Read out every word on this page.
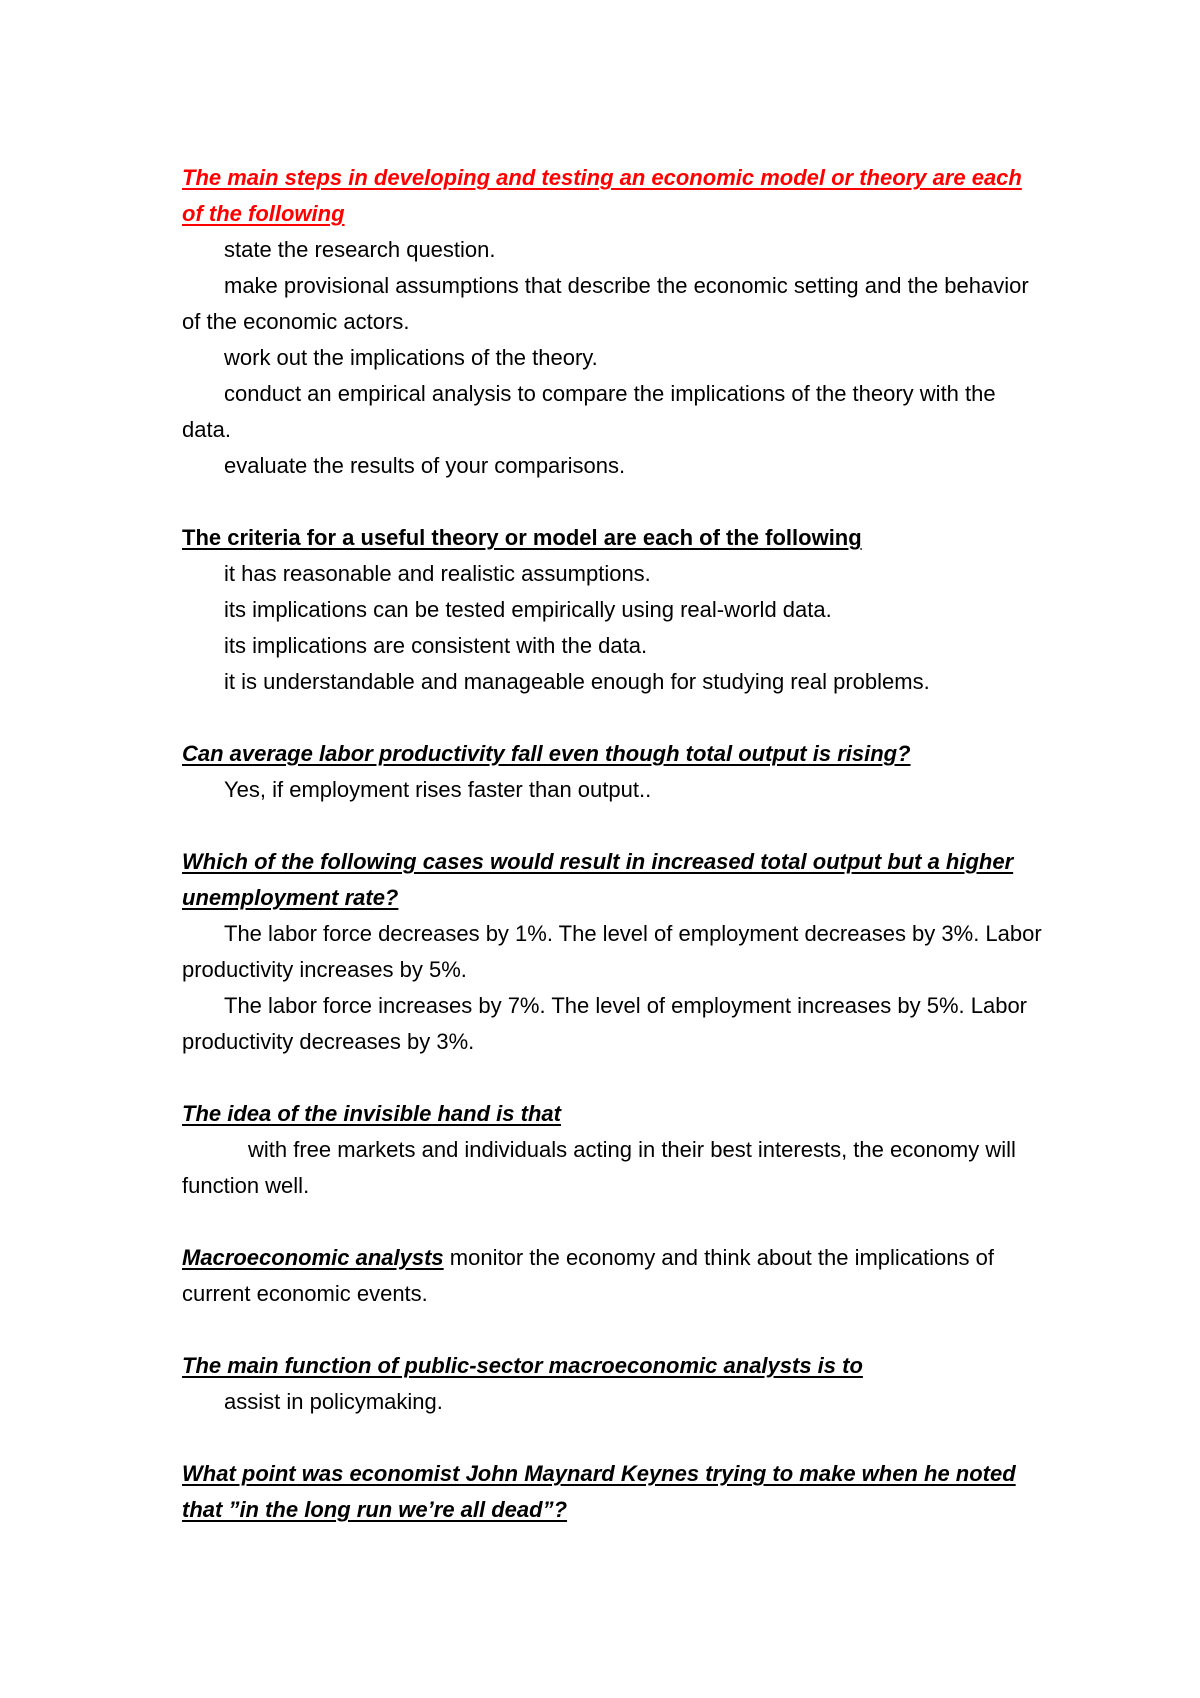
The main steps in developing and testing an economic model or theory are each of the following
state the research question.
make provisional assumptions that describe the economic setting and the behavior of the economic actors.
work out the implications of the theory.
conduct an empirical analysis to compare the implications of the theory with the data.
evaluate the results of your comparisons.
The criteria for a useful theory or model are each of the following
it has reasonable and realistic assumptions.
its implications can be tested empirically using real-world data.
its implications are consistent with the data.
it is understandable and manageable enough for studying real problems.
Can average labor productivity fall even though total output is rising?
Yes, if employment rises faster than output..
Which of the following cases would result in increased total output but a higher unemployment rate?
The labor force decreases by 1%. The level of employment decreases by 3%. Labor productivity increases by 5%.
The labor force increases by 7%. The level of employment increases by 5%. Labor productivity decreases by 3%.
The idea of the invisible hand is that
with free markets and individuals acting in their best interests, the economy will function well.
Macroeconomic analysts monitor the economy and think about the implications of current economic events.
The main function of public-sector macroeconomic analysts is to
assist in policymaking.
What point was economist John Maynard Keynes trying to make when he noted that ”in the long run we’re all dead”?
